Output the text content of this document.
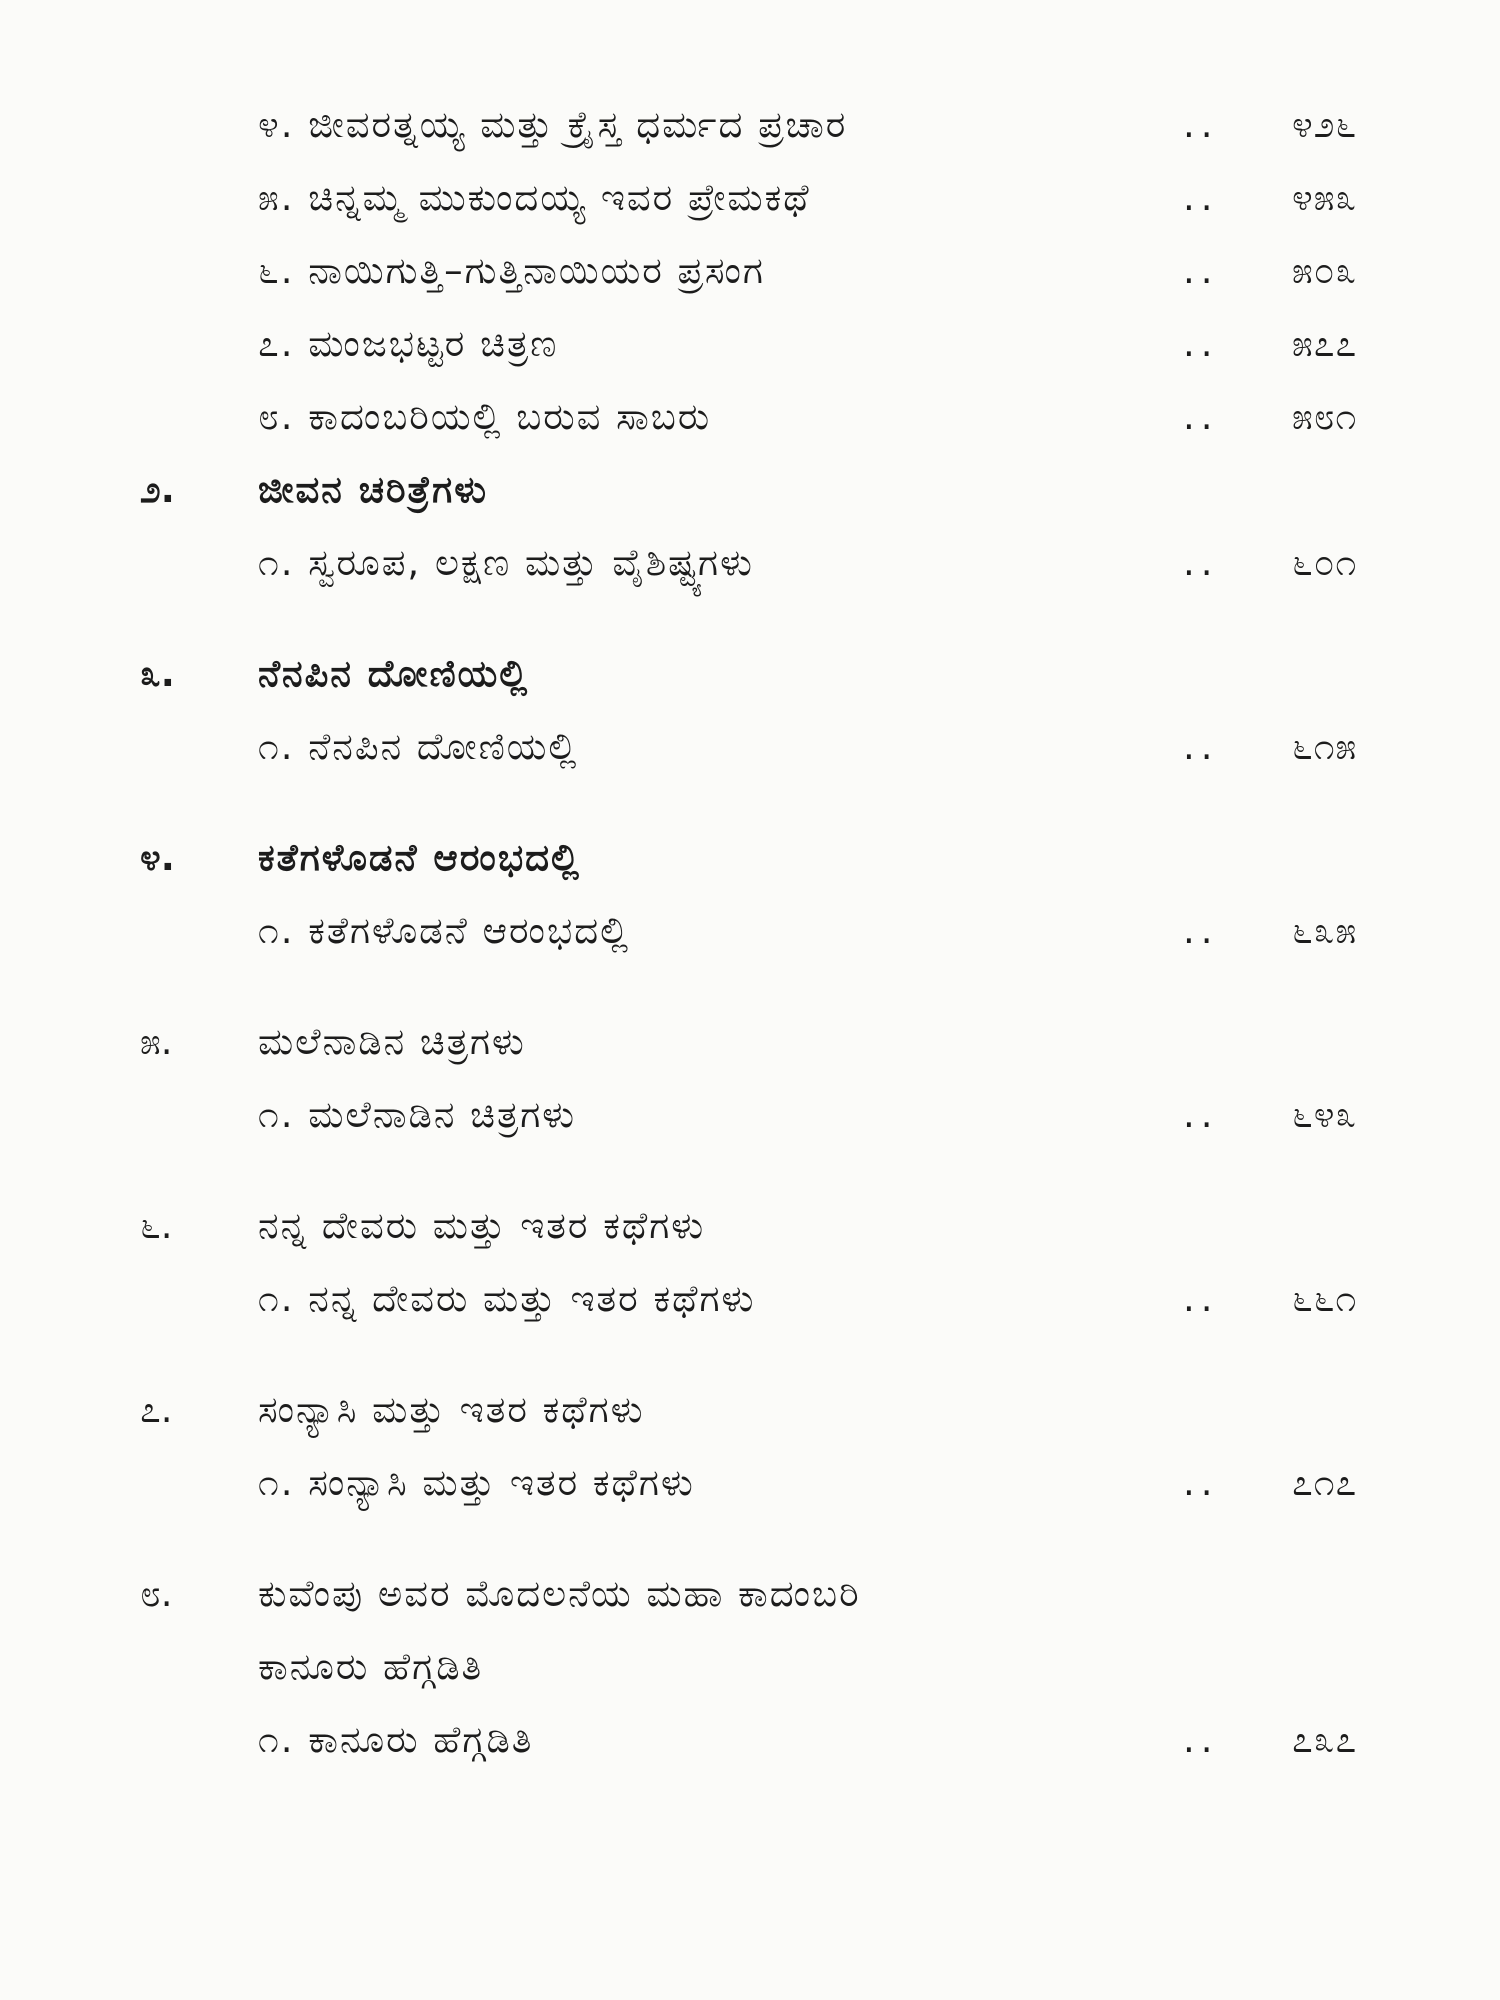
೪. ಜೀವರತ್ನಯ್ಯ ಮತ್ತು ಕ್ರೈಸ್ತ ಧರ್ಮದ ಪ್ರಚಾರ	.. ೪೨೬
೫. ಚಿನ್ನಮ್ಮ ಮುಕುಂದಯ್ಯ ಇವರ ಪ್ರೇಮಕಥೆ	.. ೪೫೩
೬. ನಾಯಿಗುತ್ತಿ–ಗುತ್ತಿನಾಯಿಯರ ಪ್ರಸಂಗ	.. ೫೦೩
೭. ಮಂಜಭಟ್ಟರ ಚಿತ್ರಣ	.. ೫೭೭
೮. ಕಾದಂಬರಿಯಲ್ಲಿ ಬರುವ ಸಾಬರು	.. ೫೮೧
೨.	ಜೀವನ ಚರಿತ್ರೆಗಳು
೧. ಸ್ವರೂಪ, ಲಕ್ಷಣ ಮತ್ತು ವೈಶಿಷ್ಟ್ಯಗಳು	.. ೬೦೧
೩.	ನೆನಪಿನ ದೋಣಿಯಲ್ಲಿ
೧. ನೆನಪಿನ ದೋಣಿಯಲ್ಲಿ	.. ೬೧೫
೪.	ಕತೆಗಳೊಡನೆ ಆರಂಭದಲ್ಲಿ
೧. ಕತೆಗಳೊಡನೆ ಆರಂಭದಲ್ಲಿ	.. ೬೩೫
೫.	ಮಲೆನಾಡಿನ ಚಿತ್ರಗಳು
೧. ಮಲೆನಾಡಿನ ಚಿತ್ರಗಳು	.. ೬೪೩
೬.	ನನ್ನ ದೇವರು ಮತ್ತು ಇತರ ಕಥೆಗಳು
೧. ನನ್ನ ದೇವರು ಮತ್ತು ಇತರ ಕಥೆಗಳು	.. ೬೬೧
೭.	ಸಂನ್ಯಾಸಿ ಮತ್ತು ಇತರ ಕಥೆಗಳು
೧. ಸಂನ್ಯಾಸಿ ಮತ್ತು ಇತರ ಕಥೆಗಳು	.. ೭೧೭
೮.	ಕುವೆಂಪು ಅವರ ಮೊದಲನೆಯ ಮಹಾ ಕಾದಂಬರಿ
ಕಾನೂರು ಹೆಗ್ಗಡಿತಿ
೧. ಕಾನೂರು ಹೆಗ್ಗಡಿತಿ	.. ೭೩೭
